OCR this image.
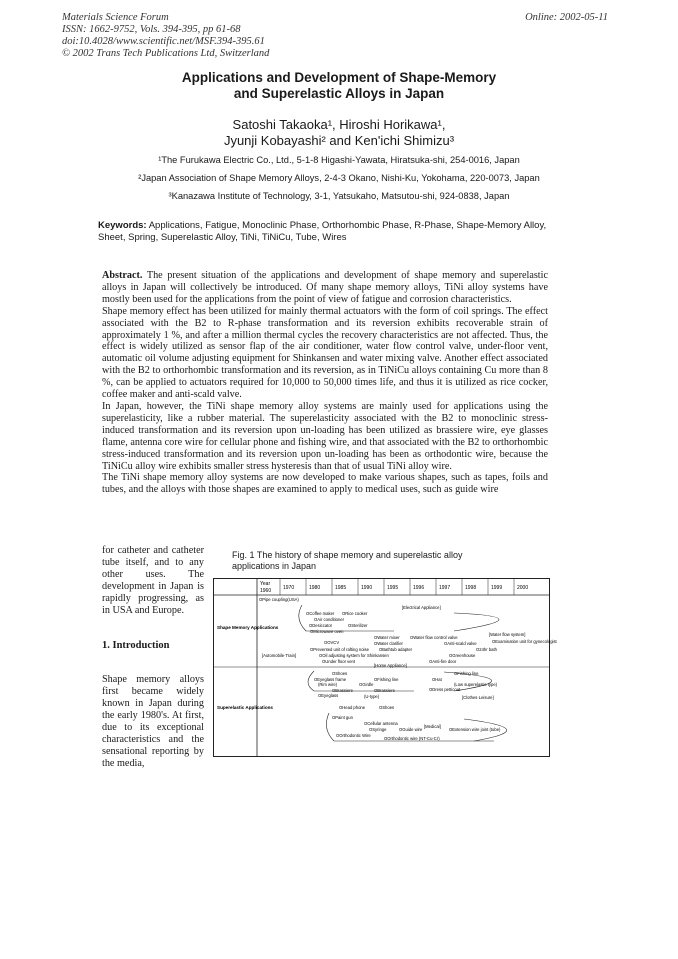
Materials Science Forum
ISSN: 1662-9752, Vols. 394-395, pp 61-68
doi:10.4028/www.scientific.net/MSF.394-395.61
© 2002 Trans Tech Publications Ltd, Switzerland
Online: 2002-05-11
Applications and Development of Shape-Memory
and Superelastic Alloys in Japan
Satoshi Takaoka¹, Hiroshi Horikawa¹,
Jyunji Kobayashi² and Ken'ichi Shimizu³
¹The Furukawa Electric Co., Ltd., 5-1-8 Higashi-Yawata, Hiratsuka-shi, 254-0016, Japan
²Japan Association of Shape Memory Alloys, 2-4-3 Okano, Nishi-Ku, Yokohama, 220-0073, Japan
³Kanazawa Institute of Technology, 3-1, Yatsukaho, Matsutou-shi, 924-0838, Japan
Keywords: Applications, Fatigue, Monoclinic Phase, Orthorhombic Phase, R-Phase, Shape-Memory Alloy, Sheet, Spring, Superelastic Alloy, TiNi, TiNiCu, Tube, Wires

Abstract. The present situation of the applications and development of shape memory and superelastic alloys in Japan will collectively be introduced. Of many shape memory alloys, TiNi alloy systems have mostly been used for the applications from the point of view of fatigue and corrosion characteristics.

Shape memory effect has been utilized for mainly thermal actuators with the form of coil springs. The effect associated with the B2 to R-phase transformation and its reversion exhibits recoverable strain of approximately 1 %, and after a million thermal cycles the recovery characteristics are not affected. Thus, the effect is widely utilized as sensor flap of the air conditioner, water flow control valve, under-floor vent, automatic oil volume adjusting equipment for Shinkansen and water mixing valve. Another effect associated with the B2 to orthorhombic transformation and its reversion, as in TiNiCu alloys containing Cu more than 8 %, can be applied to actuators required for 10,000 to 50,000 times life, and thus it is utilized as rice cocker, coffee maker and anti-scald valve.

In Japan, however, the TiNi shape memory alloy systems are mainly used for applications using the superelasticity, like a rubber material. The superelasticity associated with the B2 to monoclinic stress-induced transformation and its reversion upon un-loading has been utilized as brassiere wire, eye glasses flame, antenna core wire for cellular phone and fishing wire, and that associated with the B2 to orthorhombic stress-induced transformation and its reversion upon un-loading has been as orthodontic wire, because the TiNiCu alloy wire exhibits smaller stress hysteresis than that of usual TiNi alloy wire.

The TiNi shape memory alloy systems are now developed to make various shapes, such as tapes, foils and tubes, and the alloys with those shapes are examined to apply to medical uses, such as guide wire

for catheter and catheter tube itself, and to any other uses. The development in Japan is rapidly progressing, as in USA and Europe.

1. Introduction

Shape memory alloys first became widely known in Japan during the early 1980's. At first, due to its exceptional characteristics and the sensational reporting by the media,

Fig. 1 The history of shape memory and superelastic alloy
applications in Japan
Year
1960 1970	1980	1985	1990	1995	1996	1997	1998	1999	2000
Shape Memory Applications
Superelastic Applications
OPipe coupling(USA)
[Electrical Appliance]
OCoffee maker ORice cooker
OAir conditioner
ODesiccator	OSterilizer
OMicrowave oven
[Water flow system]
OWater mixer OWater flow control valve
OExamination unit for gynecologist
OOVCV	OWater clarifier	OAnti-scald valve
OPrevented unit of rafting noise OBathtub adapter	O24hr bath
[Automobile·Train]	OOil adjusting system for Shinkansen	OGreenhouse
OUnder floor vent	OAnti-fire door
[Home Appliance]
OShoes	OFishing line
OEyeglass frame	OFishing line	OHat
(Low superelastic type)
(Rim wire)	OGirdle
ODress petticoat
OBrassiere	OBrassiere
[Clothes·Leisure]
OEyeglass	(U-type)
OHead phone	OShoes
OPaint gun
OCellular antenna
OSyringe	OGuide wire
[Medical]
OExtension wire joint (tube)
OOrthodontic Wire
OOrthodontic wire (NT-Cu-Cr)
